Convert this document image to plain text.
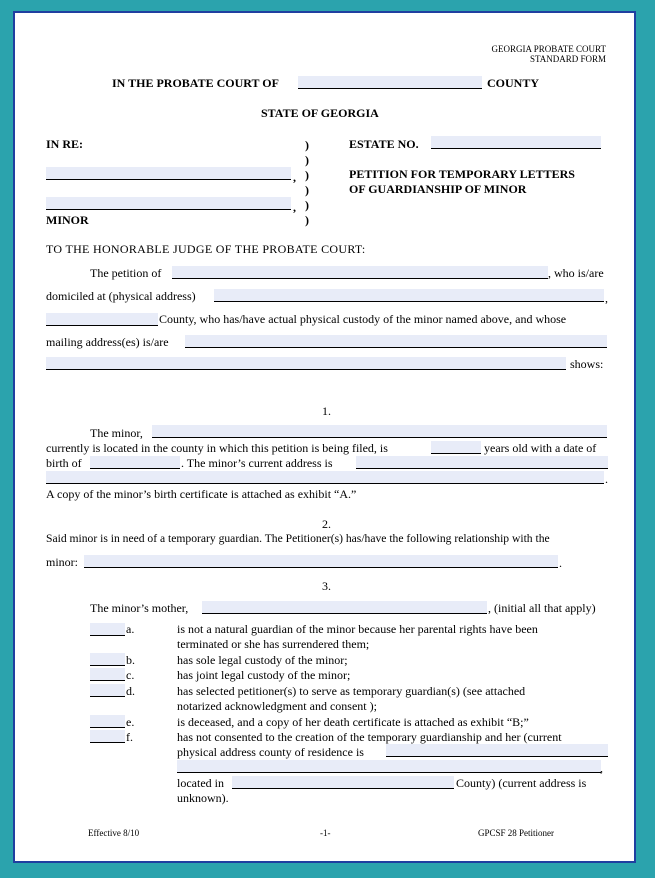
GEORGIA PROBATE COURT
STANDARD FORM
IN THE PROBATE COURT OF	COUNTY
STATE OF GEORGIA
IN RE:	)
)
)
)
)
)
,
,
MINOR
ESTATE NO.
PETITION FOR TEMPORARY LETTERS
OF GUARDIANSHIP OF MINOR
TO THE HONORABLE JUDGE OF THE PROBATE COURT:
The petition of	, who is/are
domiciled at (physical address)	,
County, who has/have actual physical custody of the minor named above, and whose
mailing address(es) is/are
shows:
1.
The minor,
currently is located in the county in which this petition is being filed, is	years old with a date of
birth of	. The minor’s current address is
.
A copy of the minor’s birth certificate is attached as exhibit “A.”
2.
Said minor is in need of a temporary guardian. The Petitioner(s) has/have the following relationship with the
minor:	.
3.
The minor’s mother,	, (initial all that apply)
a.	is not a natural guardian of the minor because her parental rights have been
terminated or she has surrendered them;
b.	has sole legal custody of the minor;
c.	has joint legal custody of the minor;
d.	has selected petitioner(s) to serve as temporary guardian(s) (see attached
notarized acknowledgment and consent );
e.	is deceased, and a copy of her death certificate is attached as exhibit “B;”
f.	has not consented to the creation of the temporary guardianship and her (current
physical address county of residence is
,
located in	County) (current address is
unknown).
Effective 8/10	-1-	GPCSF 28 Petitioner
